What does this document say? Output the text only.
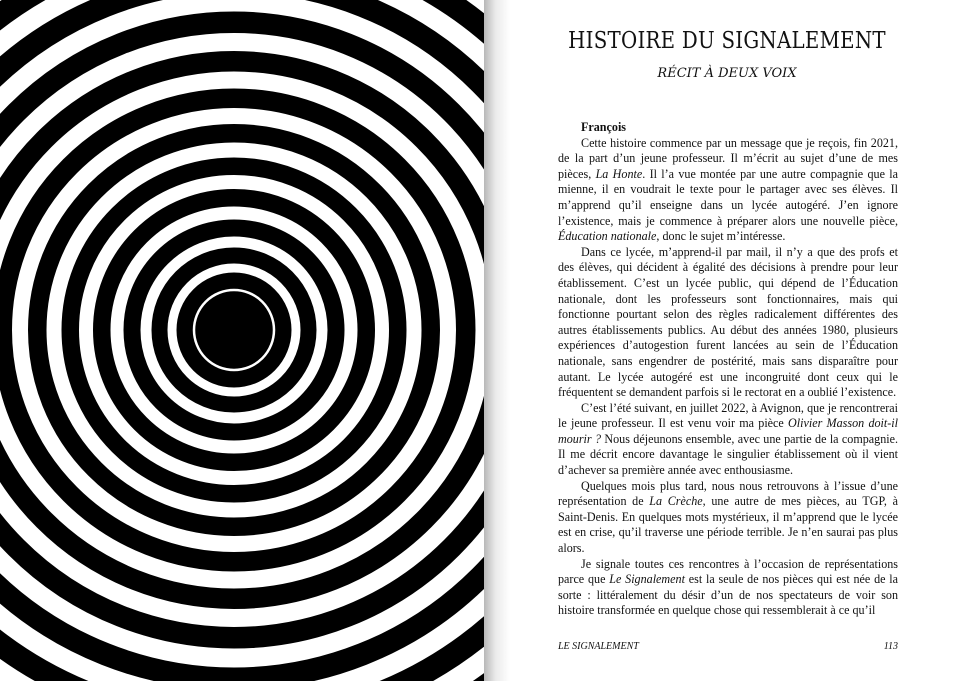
HISTOIRE DU SIGNALEMENT
RÉCIT À DEUX VOIX
François

Cette histoire commence par un message que je reçois, fin 2021, de la part d’un jeune professeur. Il m’écrit au sujet d’une de mes pièces, La Honte. Il l’a vue montée par une autre compagnie que la mienne, il en voudrait le texte pour le partager avec ses élèves. Il m’apprend qu’il enseigne dans un lycée autogéré. J’en ignore l’existence, mais je commence à préparer alors une nouvelle pièce, Éducation nationale, donc le sujet m’intéresse.

Dans ce lycée, m’apprend-il par mail, il n’y a que des profs et des élèves, qui décident à égalité des décisions à prendre pour leur établissement. C’est un lycée public, qui dépend de l’Éducation nationale, dont les professeurs sont fonctionnaires, mais qui fonctionne pourtant selon des règles radicalement différentes des autres établissements publics. Au début des années 1980, plusieurs expériences d’autogestion furent lancées au sein de l’Éducation nationale, sans engendrer de postérité, mais sans disparaître pour autant. Le lycée autogéré est une incongruité dont ceux qui le fréquentent se demandent parfois si le rectorat en a oublié l’existence.

C’est l’été suivant, en juillet 2022, à Avignon, que je rencontrerai le jeune professeur. Il est venu voir ma pièce Olivier Masson doit-il mourir ? Nous déjeunons ensemble, avec une partie de la compagnie. Il me décrit encore davantage le singulier établissement où il vient d’achever sa première année avec enthousiasme.

Quelques mois plus tard, nous nous retrouvons à l’issue d’une représentation de La Crèche, une autre de mes pièces, au TGP, à Saint-Denis. En quelques mots mystérieux, il m’apprend que le lycée est en crise, qu’il traverse une période terrible. Je n’en saurai pas plus alors.

Je signale toutes ces rencontres à l’occasion de représentations parce que Le Signalement est la seule de nos pièces qui est née de la sorte : littéralement du désir d’un de nos spectateurs de voir son histoire transformée en quelque chose qui ressemblerait à ce qu’il

LE SIGNALEMENT	113
